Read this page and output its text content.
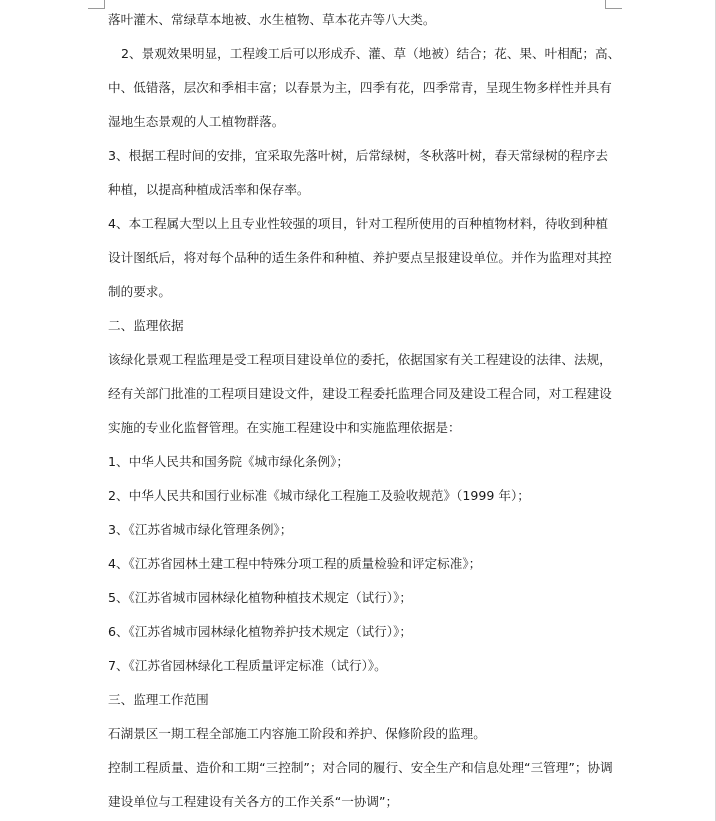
落叶灌木、常绿草本地被、水生植物、草本花卉等八大类。
2、景观效果明显，工程竣工后可以形成乔、灌、草（地被）结合；花、果、叶相配；高、
中、低错落，层次和季相丰富；以春景为主，四季有花，四季常青，呈现生物多样性并具有
湿地生态景观的人工植物群落。
3、根据工程时间的安排，宜采取先落叶树，后常绿树，冬秋落叶树，春天常绿树的程序去
种植，以提高种植成活率和保存率。
4、本工程属大型以上且专业性较强的项目，针对工程所使用的百种植物材料，待收到种植
设计图纸后，将对每个品种的适生条件和种植、养护要点呈报建设单位。并作为监理对其控
制的要求。
二、监理依据
该绿化景观工程监理是受工程项目建设单位的委托，依据国家有关工程建设的法律、法规，
经有关部门批准的工程项目建设文件，建设工程委托监理合同及建设工程合同，对工程建设
实施的专业化监督管理。在实施工程建设中和实施监理依据是：
1、中华人民共和国务院《城市绿化条例》；
2、中华人民共和国行业标准《城市绿化工程施工及验收规范》（1999 年）；
3、《江苏省城市绿化管理条例》；
4、《江苏省园林土建工程中特殊分项工程的质量检验和评定标准》；
5、《江苏省城市园林绿化植物种植技术规定（试行）》；
6、《江苏省城市园林绿化植物养护技术规定（试行）》；
7、《江苏省园林绿化工程质量评定标准（试行）》。
三、监理工作范围
石湖景区一期工程全部施工内容施工阶段和养护、保修阶段的监理。
控制工程质量、造价和工期“三控制”；对合同的履行、安全生产和信息处理“三管理”；协调
建设单位与工程建设有关各方的工作关系“一协调”；
